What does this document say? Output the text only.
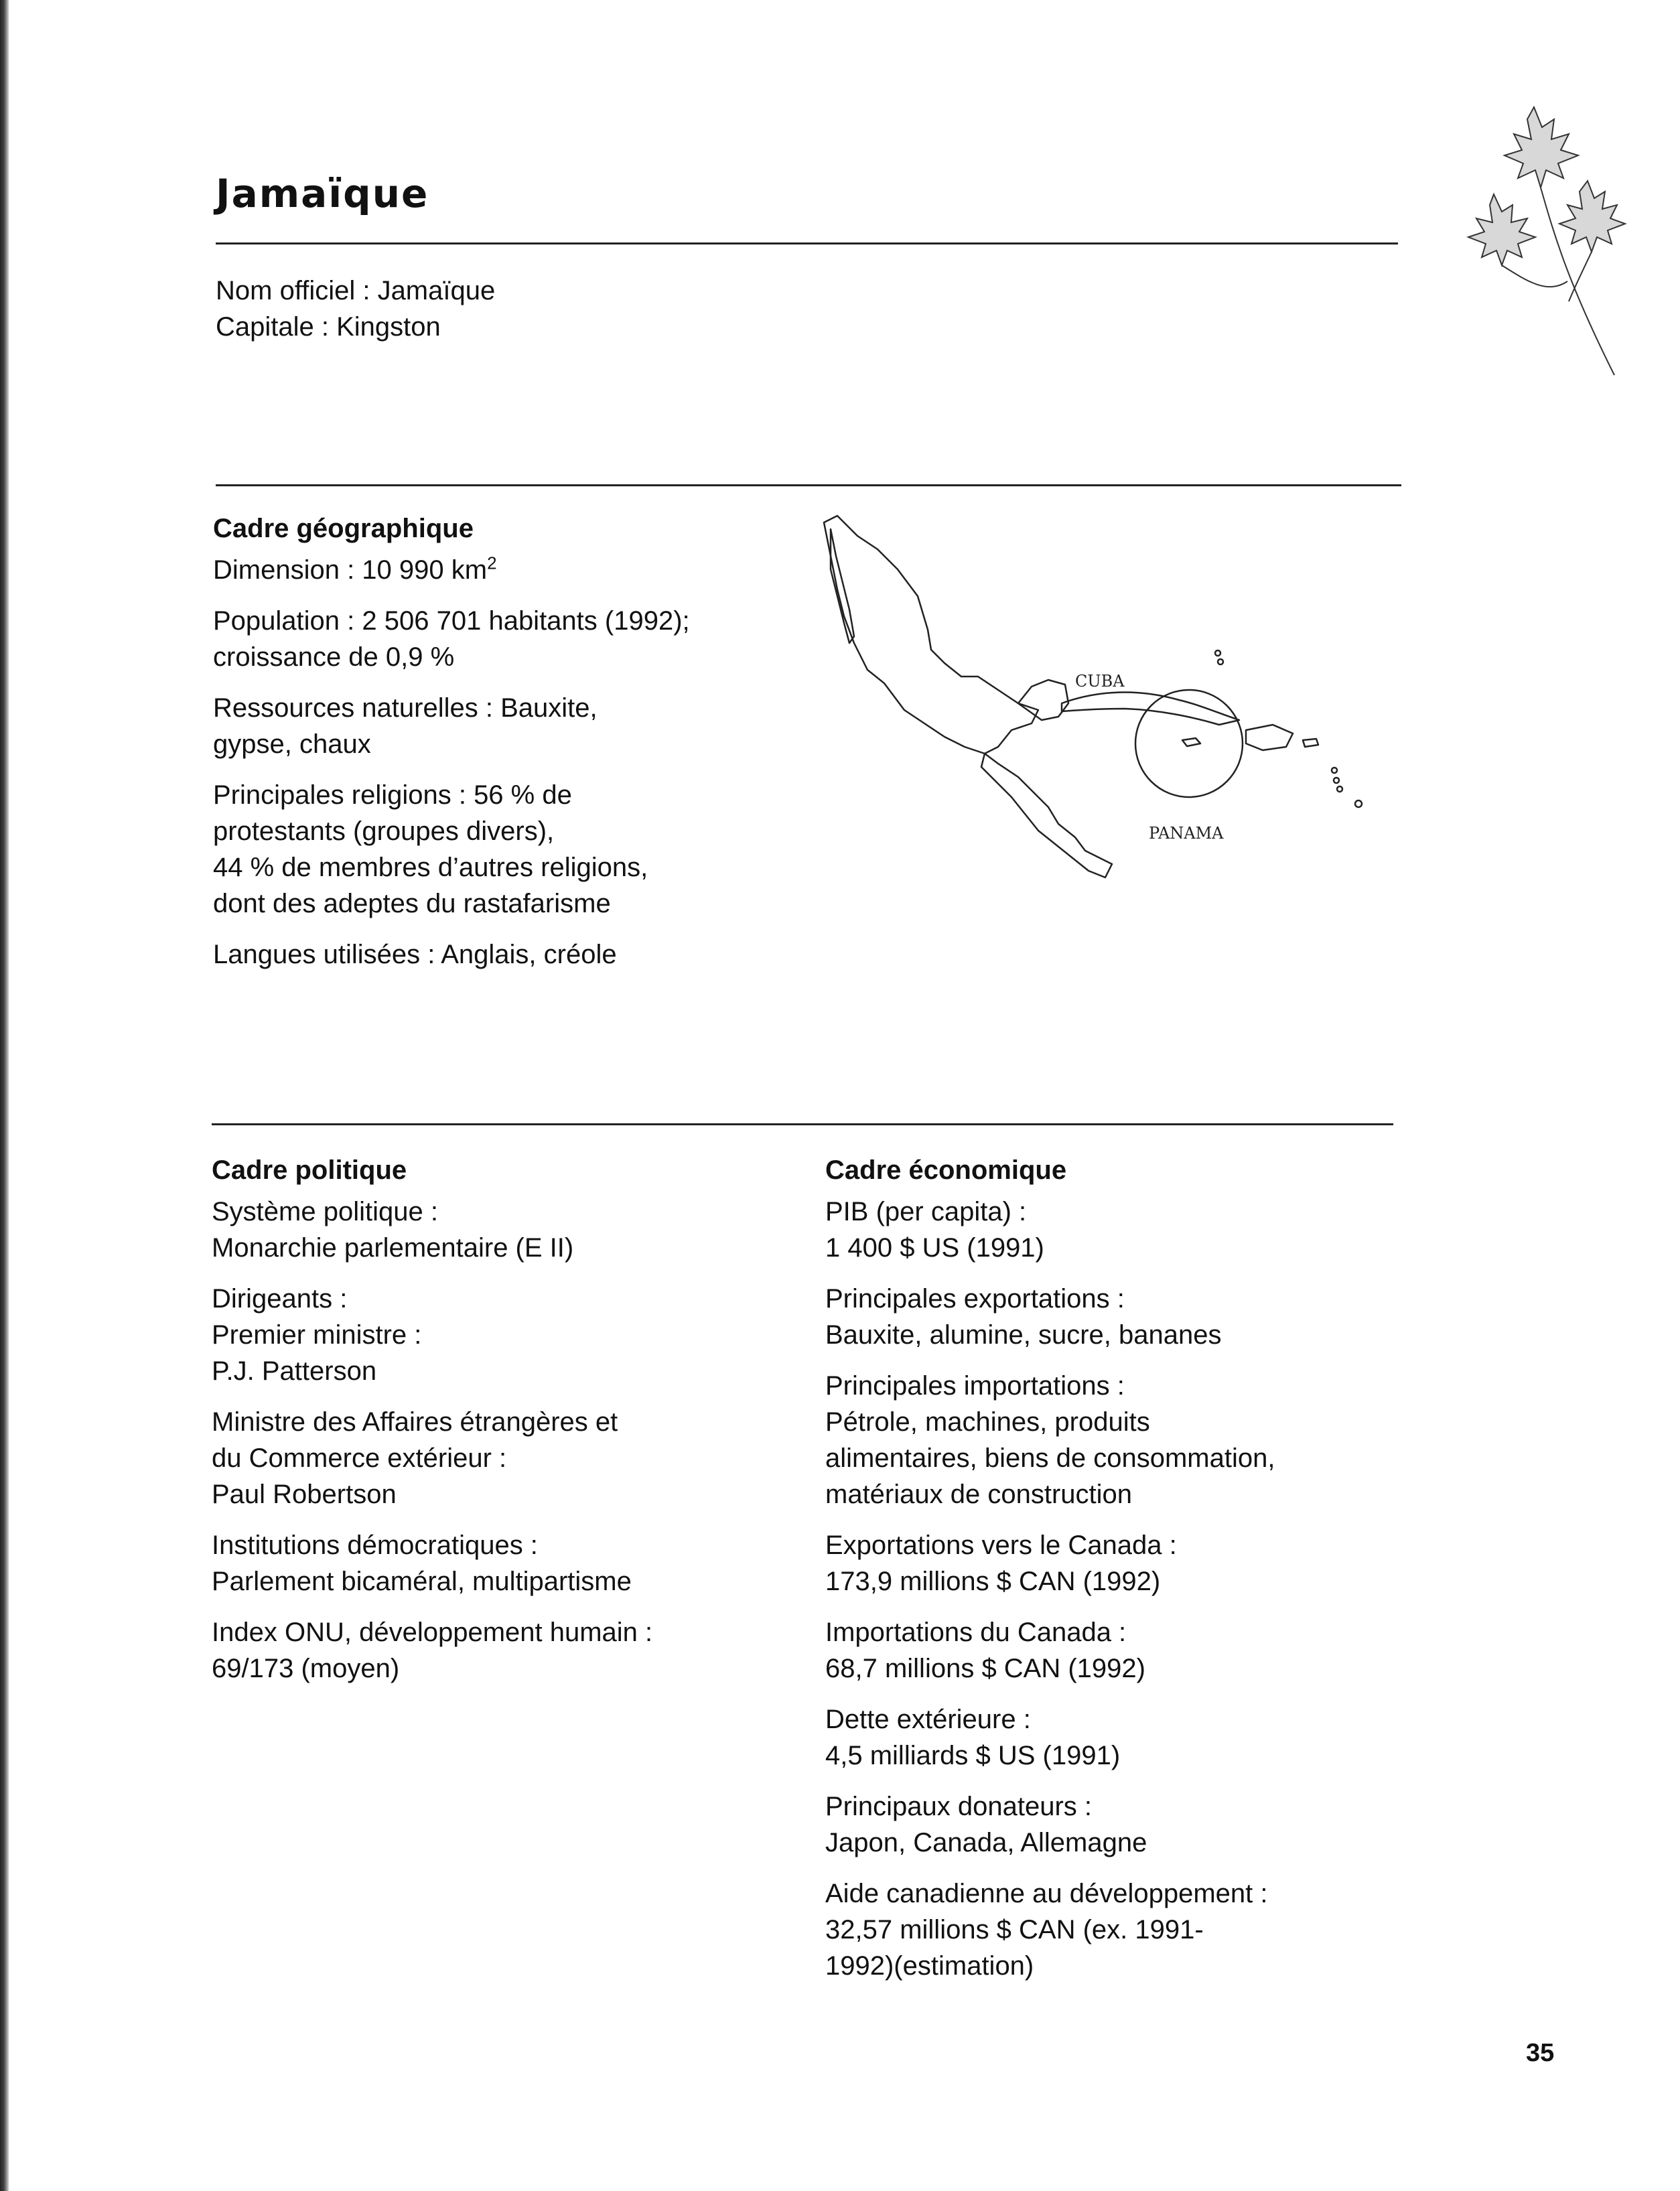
Jamaïque

Nom officiel : Jamaïque

Capitale : Kingston

Cadre géographique

Dimension : 10 990 $km^2$

Population : 2 506 701 habitants (1992);
croissance de 0,9 %

Ressources naturelles : Bauxite,
gypse, chaux

Principales religions : 56 % de
protestants (groupes divers),
44 % de membres d’autres religions,
dont des adeptes du rastafarisme

Langues utilisées : Anglais, créole

CUBA
PANAMA

Cadre politique

Système politique :
Monarchie parlementaire (E II)

Dirigeants :
Premier ministre :
P.J. Patterson

Ministre des Affaires étrangères et
du Commerce extérieur :
Paul Robertson

Institutions démocratiques :
Parlement bicaméral, multipartisme

Index ONU, développement humain :
69/173 (moyen)

Cadre économique

PIB (per capita) :
1 400 $ US (1991)

Principales exportations :
Bauxite, alumine, sucre, bananes

Principales importations :
Pétrole, machines, produits
alimentaires, biens de consommation,
matériaux de construction

Exportations vers le Canada :
173,9 millions $ CAN (1992)

Importations du Canada :
68,7 millions $ CAN (1992)

Dette extérieure :
4,5 milliards $ US (1991)

Principaux donateurs :
Japon, Canada, Allemagne

Aide canadienne au développement :
32,57 millions $ CAN (ex. 1991-
1992)(estimation)

35
